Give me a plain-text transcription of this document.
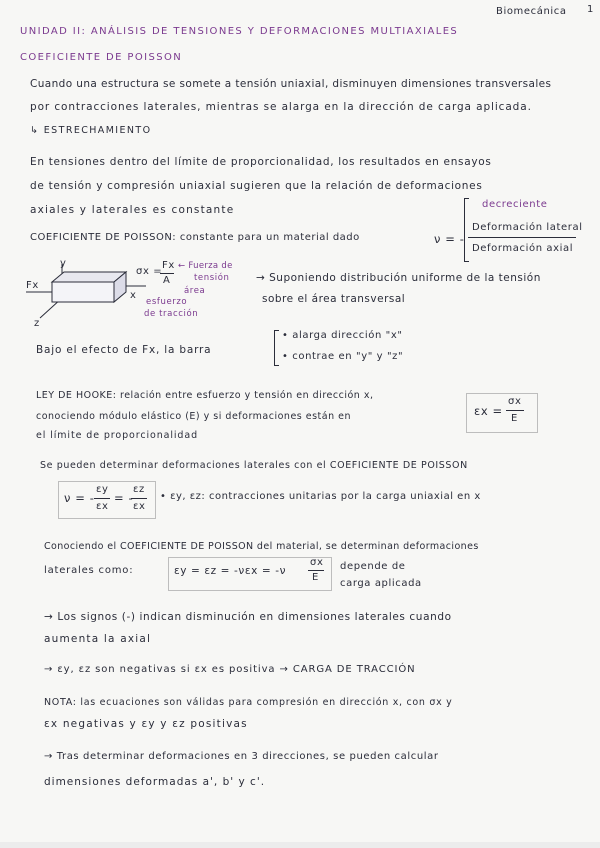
Biomecánica 1
UNIDAD II: ANÁLISIS DE TENSIONES Y DEFORMACIONES MULTIAXIALES
COEFICIENTE DE POISSON
Cuando una estructura se somete a tensión uniaxial, disminuyen dimensiones transversales
por contracciones laterales, mientras se alarga en la dirección de carga aplicada.
↳ ESTRECHAMIENTO
En tensiones dentro del límite de proporcionalidad, los resultados en ensayos
de tensión y compresión uniaxial sugieren que la relación de deformaciones
axiales y laterales es constante
COEFICIENTE DE POISSON: constante para un material dado	ν = -
decreciente
Deformación lateral
Deformación axial
y
x
z
Fx
σx =
Fx
A
← Fuerza de
tensión
área
esfuerzo
de tracción
→ Suponiendo distribución uniforme de la tensión
sobre el área transversal
Bajo el efecto de Fx, la barra
• alarga dirección "x"
• contrae en "y" y "z"
LEY DE HOOKE: relación entre esfuerzo y tensión en dirección x,
conociendo módulo elástico (E) y si deformaciones están en
el límite de proporcionalidad
εx =
σx
E
Se pueden determinar deformaciones laterales con el COEFICIENTE DE POISSON
ν = -
εy
εx
= -
εz
εx
• εy, εz: contracciones unitarias por la carga uniaxial en x
Conociendo el COEFICIENTE DE POISSON del material, se determinan deformaciones
laterales como:	εy = εz = -νεx = -ν
σx
E
depende de
carga aplicada
→ Los signos (-) indican disminución en dimensiones laterales cuando
aumenta la axial
→ εy, εz son negativas si εx es positiva → CARGA DE TRACCIÓN
NOTA: las ecuaciones son válidas para compresión en dirección x, con σx y
εx negativas y εy y εz positivas
→ Tras determinar deformaciones en 3 direcciones, se pueden calcular
dimensiones deformadas a', b' y c'.
